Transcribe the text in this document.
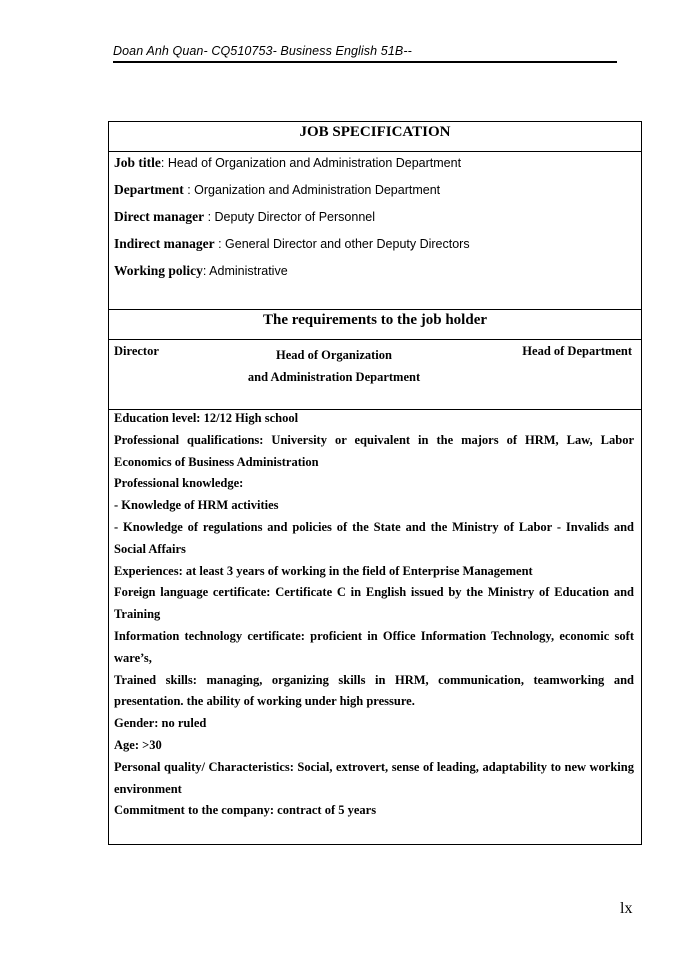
Doan Anh Quan- CQ510753- Business English 51B--
JOB SPECIFICATION
Job title: Head of Organization and Administration Department
Department : Organization and Administration Department
Direct manager : Deputy Director of Personnel
Indirect manager : General Director and other Deputy Directors
Working policy: Administrative
The requirements to the job holder
Director	Head of Organization
and Administration Department
Head of Department

Education level: 12/12 High school

Professional qualifications: University or equivalent in the majors of HRM, Law, Labor Economics of Business Administration

Professional knowledge:

- Knowledge of HRM activities

- Knowledge of regulations and policies of the State and the Ministry of Labor - Invalids and Social Affairs

Experiences: at least 3 years of working in the field of Enterprise Management

Foreign language certificate: Certificate C in English issued by the Ministry of Education and Training

Information technology certificate: proficient in Office Information Technology, economic soft ware’s,

Trained skills: managing, organizing skills in HRM, communication, teamworking and presentation. the ability of working under high pressure.

Gender: no ruled

Age: >30

Personal quality/ Characteristics: Social, extrovert, sense of leading, adaptability to new working environment

Commitment to the company: contract of 5 years

lx
